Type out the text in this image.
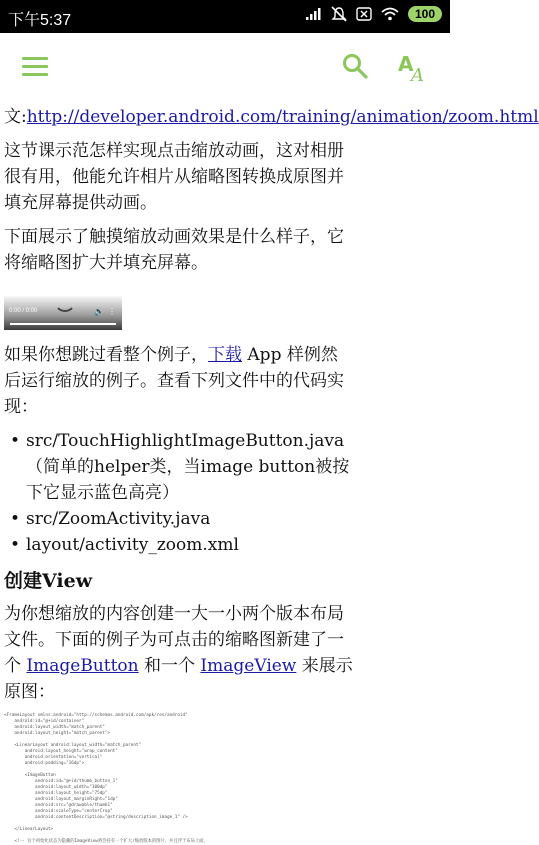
下午5:37	100
A
A
文:http://developer.android.com/training/animation/zoom.html
这节课示范怎样实现点击缩放动画，这对相册很有用，他能允许相片从缩略图转换成原图并填充屏幕提供动画。
下面展示了触摸缩放动画效果是什么样子，它将缩略图扩大并填充屏幕。
0:00 / 0:00	🔊 ⋮
如果你想跳过看整个例子，下载 App 样例然后运行缩放的例子。查看下列文件中的代码实现：
• src/TouchHighlightImageButton.java（简单的helper类，当image button被按下它显示蓝色高亮）
• src/ZoomActivity.java
• layout/activity_zoom.xml
创建View
为你想缩放的内容创建一大一小两个版本布局文件。下面的例子为可点击的缩略图新建了一个 ImageButton 和一个 ImageView 来展示原图：
<FrameLayout xmlns:android="http://schemas.android.com/apk/res/android"
android:id="@+id/container"
android:layout_width="match_parent"
android:layout_height="match_parent">

<LinearLayout android:layout_width="match_parent"
android:layout_height="wrap_content"
android:orientation="vertical"
android:padding="16dp">

<ImageButton
android:id="@+id/thumb_button_1"
android:layout_width="100dp"
android:layout_height="75dp"
android:layout_marginRight="1dp"
android:src="@drawable/thumb1"
android:scaleType="centerCrop"
android:contentDescription="@string/description_image_1" />

</LinearLayout>

<!-- 这个初始化状态为隐藏的ImageView将会持有一个扩大/缩放版本的图片，并且浮于布局上面，
